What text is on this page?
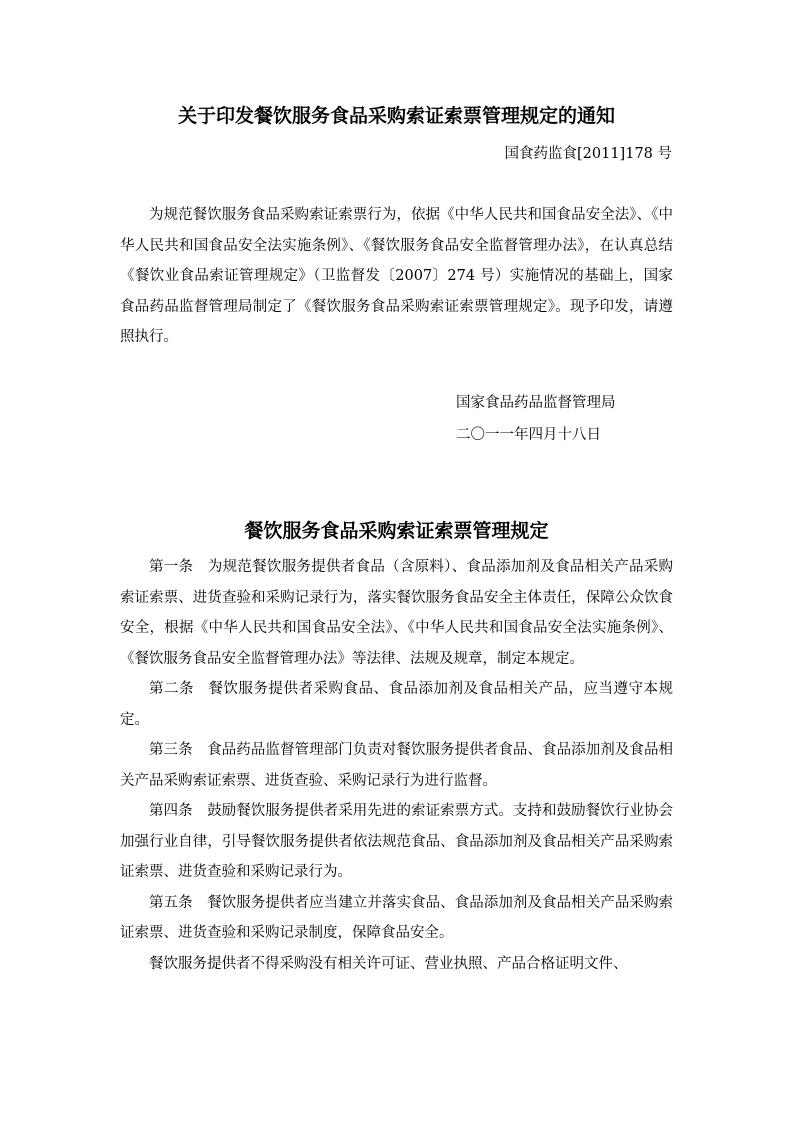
关于印发餐饮服务食品采购索证索票管理规定的通知
国食药监食[2011]178 号

为规范餐饮服务食品采购索证索票行为，依据《中华人民共和国食品安全法》、《中华人民共和国食品安全法实施条例》、《餐饮服务食品安全监督管理办法》，在认真总结《餐饮业食品索证管理规定》（卫监督发〔2007〕274 号）实施情况的基础上，国家食品药品监督管理局制定了《餐饮服务食品采购索证索票管理规定》。现予印发，请遵照执行。

国家食品药品监督管理局
二〇一一年四月十八日
餐饮服务食品采购索证索票管理规定

第一条 为规范餐饮服务提供者食品（含原料）、食品添加剂及食品相关产品采购索证索票、进货查验和采购记录行为，落实餐饮服务食品安全主体责任，保障公众饮食安全，根据《中华人民共和国食品安全法》、《中华人民共和国食品安全法实施条例》、《餐饮服务食品安全监督管理办法》等法律、法规及规章，制定本规定。

第二条 餐饮服务提供者采购食品、食品添加剂及食品相关产品，应当遵守本规定。

第三条 食品药品监督管理部门负责对餐饮服务提供者食品、食品添加剂及食品相关产品采购索证索票、进货查验、采购记录行为进行监督。

第四条 鼓励餐饮服务提供者采用先进的索证索票方式。支持和鼓励餐饮行业协会加强行业自律，引导餐饮服务提供者依法规范食品、食品添加剂及食品相关产品采购索证索票、进货查验和采购记录行为。

第五条 餐饮服务提供者应当建立并落实食品、食品添加剂及食品相关产品采购索证索票、进货查验和采购记录制度，保障食品安全。

餐饮服务提供者不得采购没有相关许可证、营业执照、产品合格证明文件、
